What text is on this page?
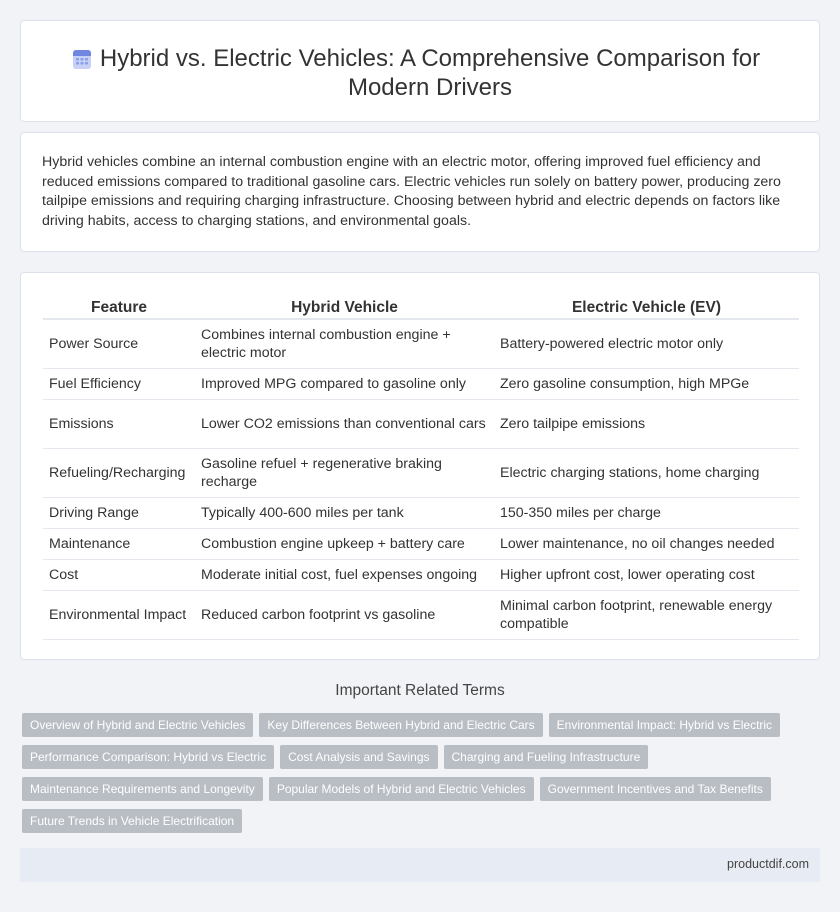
Hybrid vs. Electric Vehicles: A Comprehensive Comparison for
Modern Drivers

Hybrid vehicles combine an internal combustion engine with an electric motor, offering improved fuel efficiency and reduced emissions compared to traditional gasoline cars. Electric vehicles run solely on battery power, producing zero tailpipe emissions and requiring charging infrastructure. Choosing between hybrid and electric depends on factors like driving habits, access to charging stations, and environmental goals.

Feature	Hybrid Vehicle	Electric Vehicle (EV)
Power Source	Combines internal combustion engine + electric motor	Battery-powered electric motor only
Fuel Efficiency	Improved MPG compared to gasoline only	Zero gasoline consumption, high MPGe
Emissions	Lower CO2 emissions than conventional cars	Zero tailpipe emissions
Refueling/Recharging	Gasoline refuel + regenerative braking recharge	Electric charging stations, home charging
Driving Range	Typically 400-600 miles per tank	150-350 miles per charge
Maintenance	Combustion engine upkeep + battery care	Lower maintenance, no oil changes needed
Cost	Moderate initial cost, fuel expenses ongoing	Higher upfront cost, lower operating cost
Environmental Impact	Reduced carbon footprint vs gasoline	Minimal carbon footprint, renewable energy compatible
Important Related Terms
Overview of Hybrid and Electric Vehicles	Key Differences Between Hybrid and Electric Cars	Environmental Impact: Hybrid vs Electric
Performance Comparison: Hybrid vs Electric	Cost Analysis and Savings	Charging and Fueling Infrastructure
Maintenance Requirements and Longevity	Popular Models of Hybrid and Electric Vehicles	Government Incentives and Tax Benefits
Future Trends in Vehicle Electrification
productdif.com
